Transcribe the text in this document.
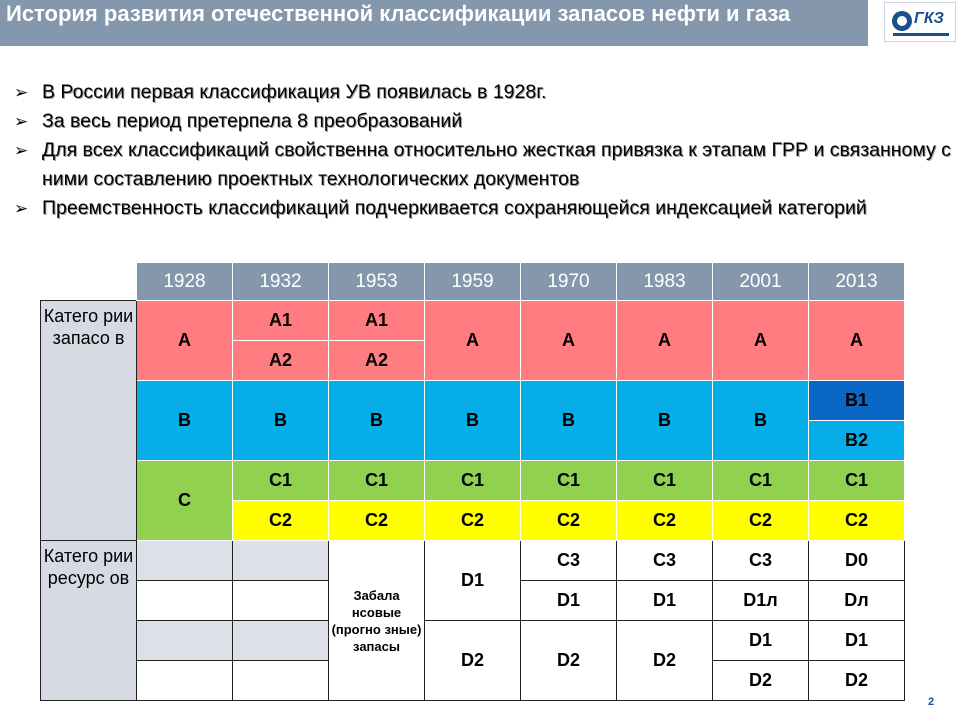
История развития отечественной классификации запасов нефти и газа	ГКЗ
➢ В России первая классификация УВ появилась в 1928г.
➢ За весь период претерпела 8 преобразований
➢ Для всех классификаций свойственна относительно жесткая привязка к этапам ГРР и связанному с ними составлению проектных технологических документов
➢ Преемственность классификаций подчеркивается сохраняющейся индексацией категорий
	1928	1932	1953	1959	1970	1983	2001	2013
Катего рии запасо в	A	A1	A1	A	A	A	A	A
		A2	A2					
	B	B	B	B	B	B	B	B1
								B2
	C	C1	C1	C1	C1	C1	C1	C1
		C2	C2	C2	C2	C2	C2	C2
Катего рии ресурс ов			Забала нсовые (прогно зные) запасы	D1	C3	C3	C3	D0
					D1	D1	D1л	Dл
				D2	D2	D2	D1	D1
							D2	D2
2
